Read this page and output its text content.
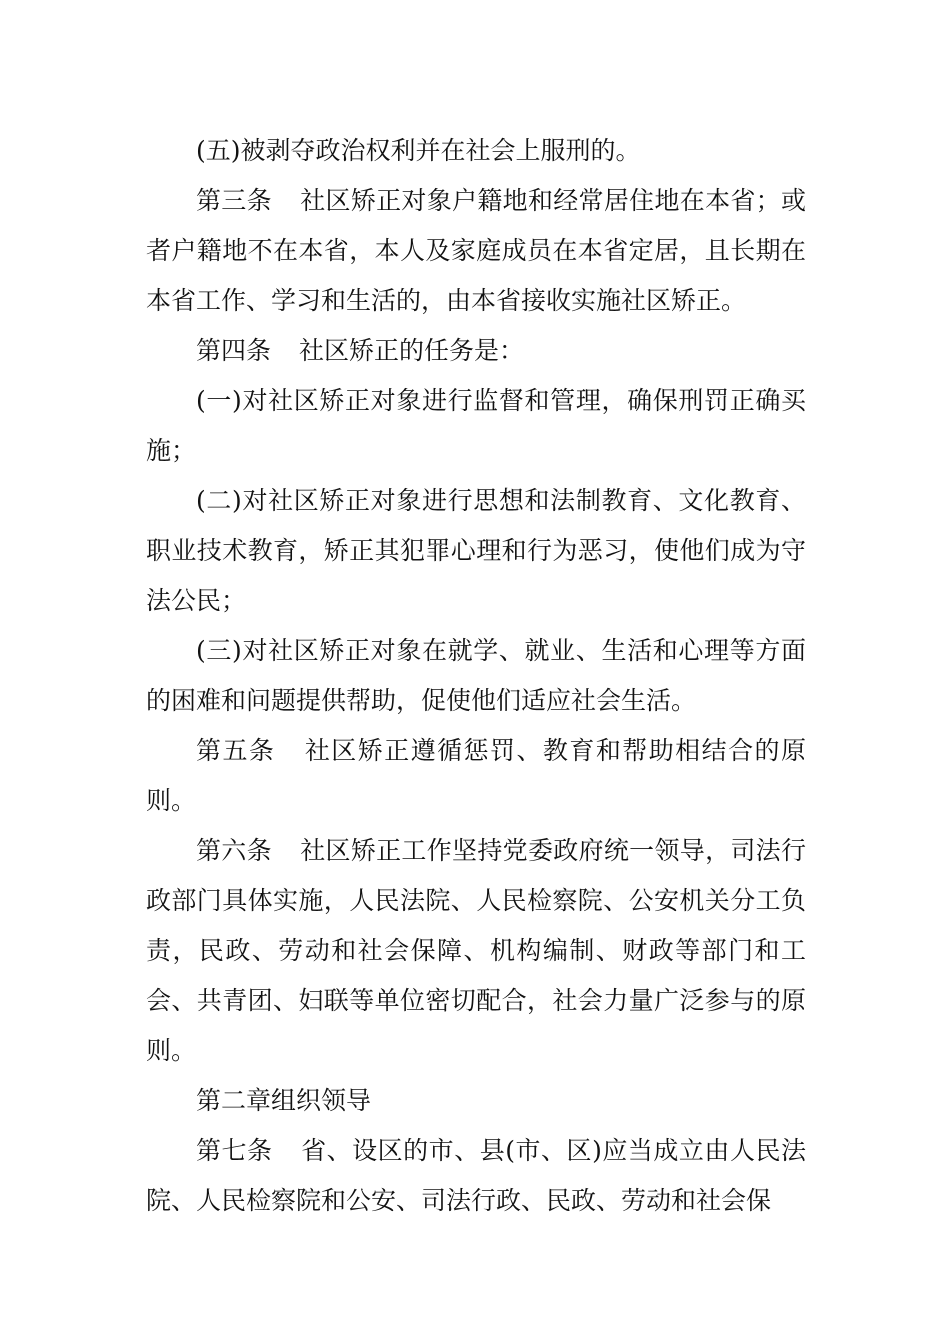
(五)被剥夺政治权利并在社会上服刑的。

第三条 社区矫正对象户籍地和经常居住地在本省；或者户籍地不在本省，本人及家庭成员在本省定居，且长期在本省工作、学习和生活的，由本省接收实施社区矫正。

第四条 社区矫正的任务是：

(一)对社区矫正对象进行监督和管理，确保刑罚正确买施；

(二)对社区矫正对象进行思想和法制教育、文化教育、职业技术教育，矫正其犯罪心理和行为恶习，使他们成为守法公民；

(三)对社区矫正对象在就学、就业、生活和心理等方面的困难和问题提供帮助，促使他们适应社会生活。

第五条 社区矫正遵循惩罚、教育和帮助相结合的原则。

第六条 社区矫正工作坚持党委政府统一领导，司法行政部门具体实施，人民法院、人民检察院、公安机关分工负责，民政、劳动和社会保障、机构编制、财政等部门和工会、共青团、妇联等单位密切配合，社会力量广泛参与的原则。

第二章组织领导

第七条 省、设区的市、县(市、区)应当成立由人民法院、人民检察院和公安、司法行政、民政、劳动和社会保
